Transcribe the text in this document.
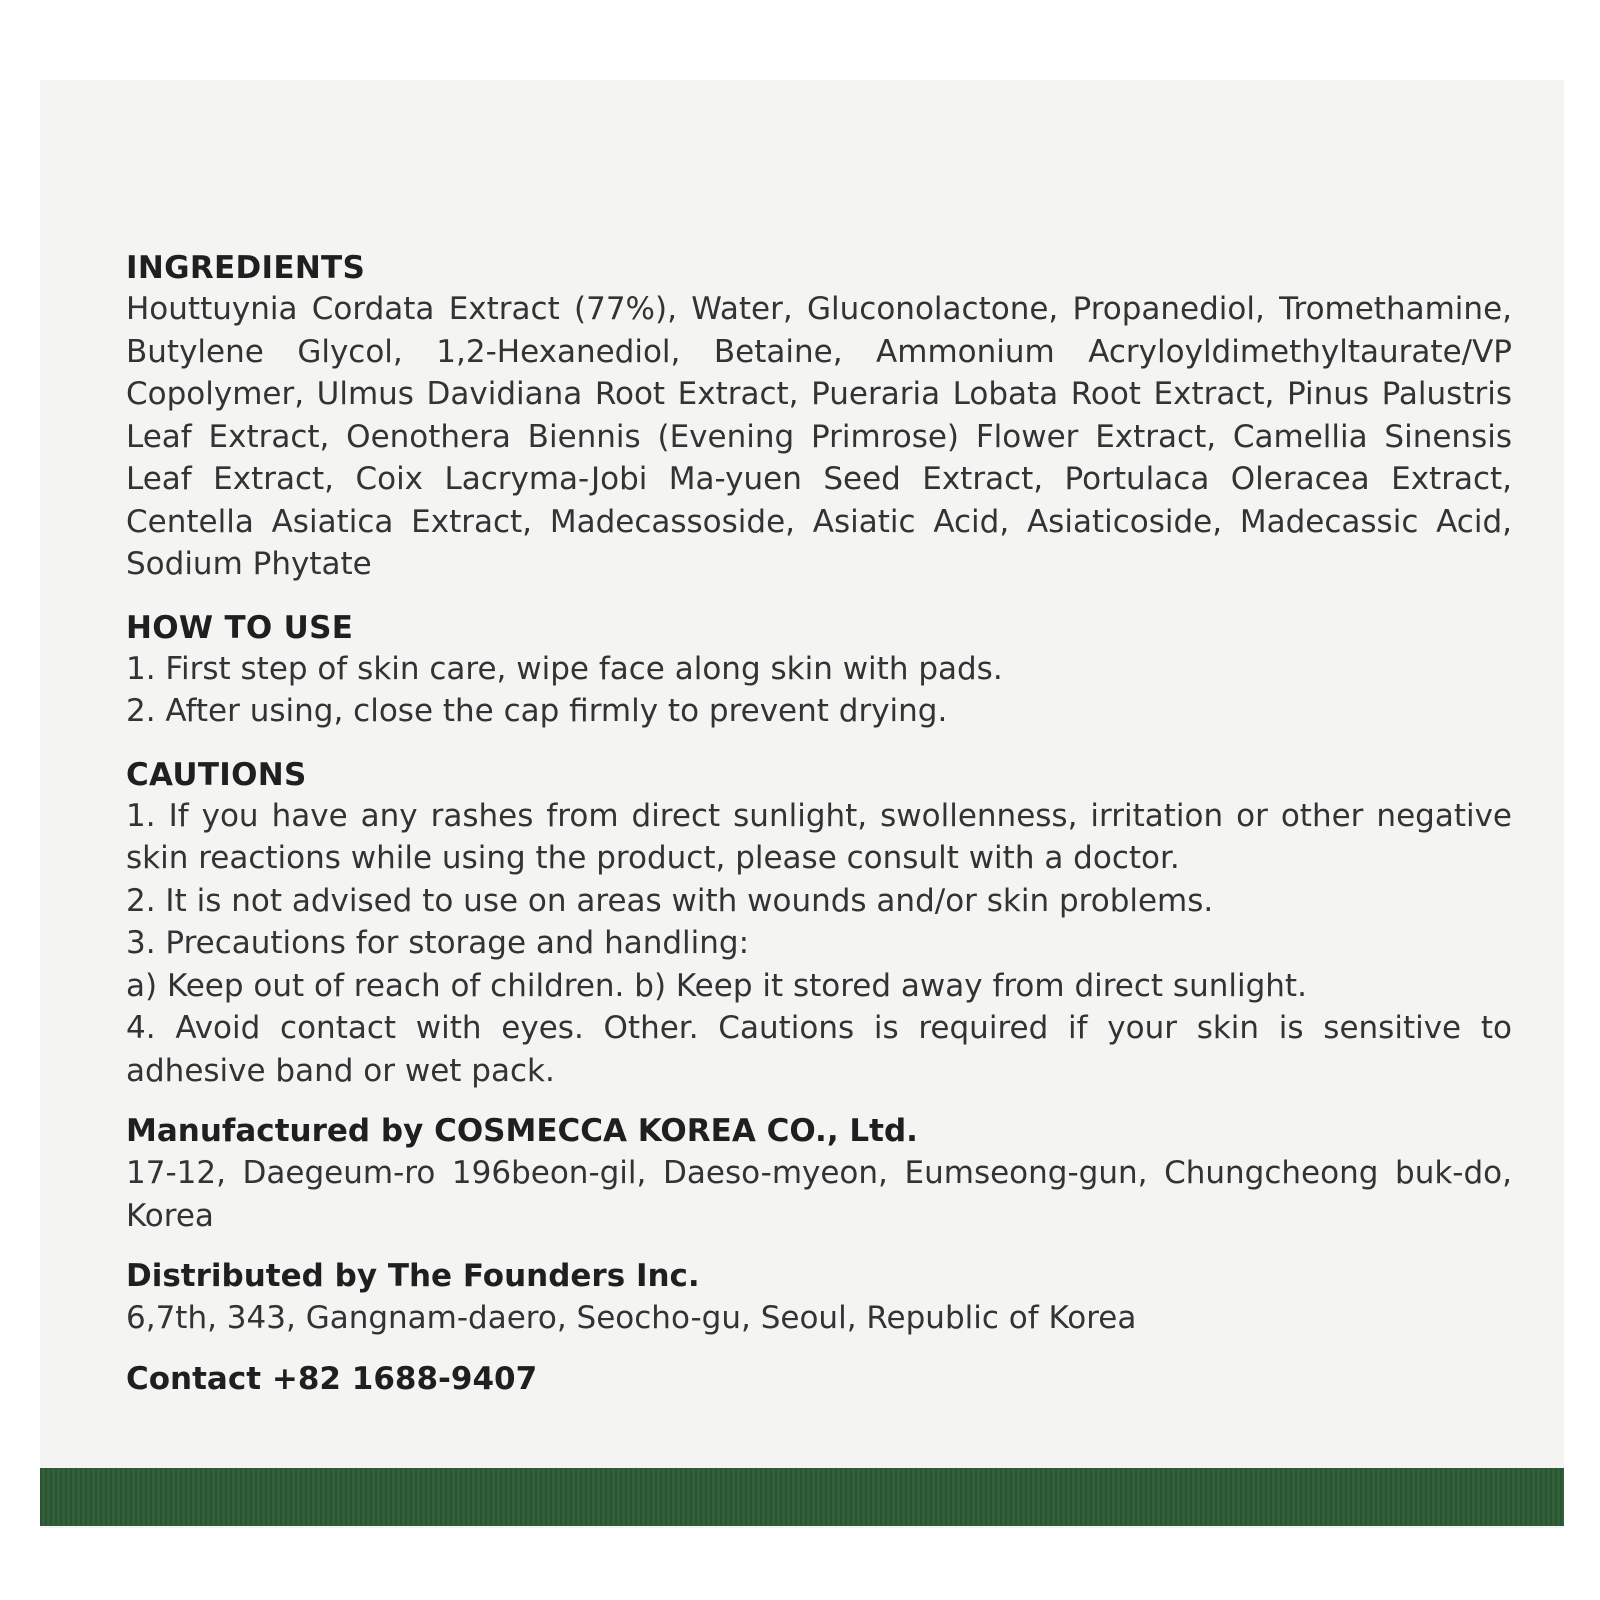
INGREDIENTS
Houttuynia Cordata Extract (77%), Water, Gluconolactone, Propanediol, Tromethamine, Butylene Glycol, 1,2-Hexanediol, Betaine, Ammonium Acryloyldimethyltaurate/VP Copolymer, Ulmus Davidiana Root Extract, Pueraria Lobata Root Extract, Pinus Palustris Leaf Extract, Oenothera Biennis (Evening Primrose) Flower Extract, Camellia Sinensis Leaf Extract, Coix Lacryma-Jobi Ma-yuen Seed Extract, Portulaca Oleracea Extract, Centella Asiatica Extract, Madecassoside, Asiatic Acid, Asiaticoside, Madecassic Acid, Sodium Phytate
HOW TO USE
1. First step of skin care, wipe face along skin with pads.
2. After using, close the cap firmly to prevent drying.
CAUTIONS
1. If you have any rashes from direct sunlight, swollenness, irritation or other negative skin reactions while using the product, please consult with a doctor.
2. It is not advised to use on areas with wounds and/or skin problems.
3. Precautions for storage and handling:
a) Keep out of reach of children. b) Keep it stored away from direct sunlight.
4. Avoid contact with eyes. Other. Cautions is required if your skin is sensitive to adhesive band or wet pack.
Manufactured by COSMECCA KOREA CO., Ltd.
17-12, Daegeum-ro 196beon-gil, Daeso-myeon, Eumseong-gun, Chungcheong buk-do, Korea
Distributed by The Founders Inc.
6,7th, 343, Gangnam-daero, Seocho-gu, Seoul, Republic of Korea
Contact +82 1688-9407
